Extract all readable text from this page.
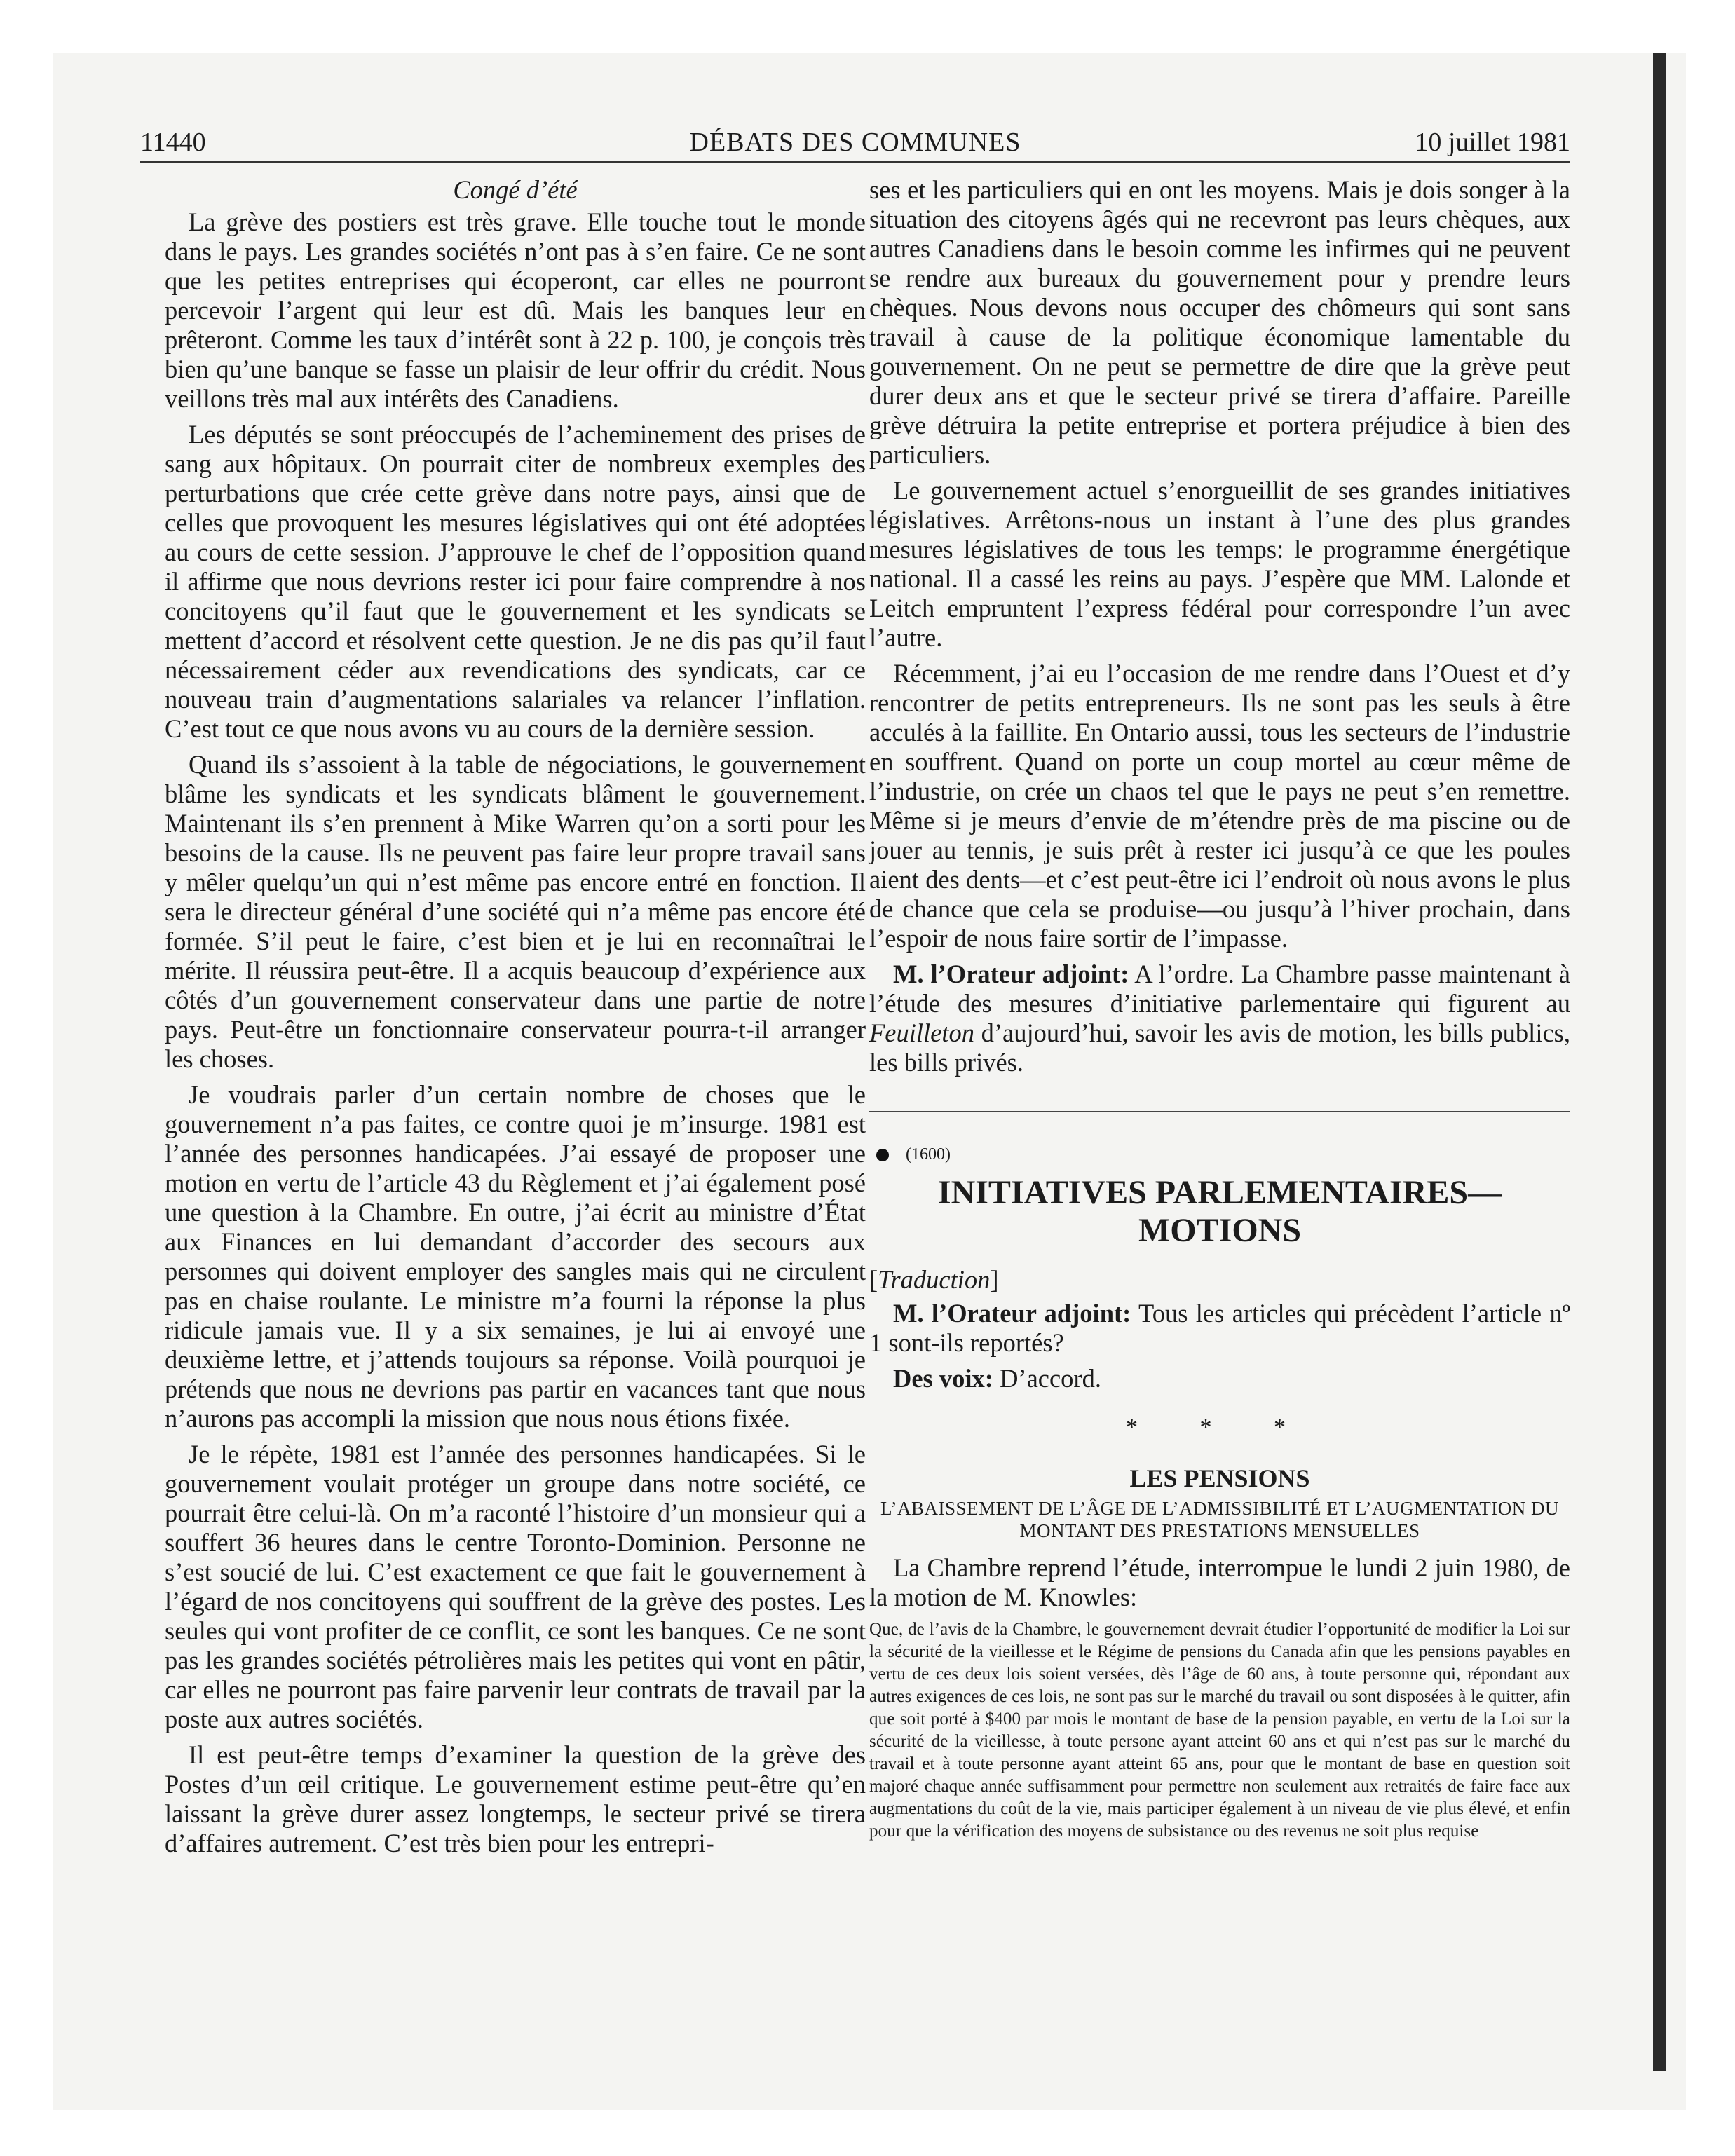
11440	DÉBATS DES COMMUNES	10 juillet 1981

Congé d’été

La grève des postiers est très grave. Elle touche tout le monde dans le pays. Les grandes sociétés n’ont pas à s’en faire. Ce ne sont que les petites entreprises qui écoperont, car elles ne pourront percevoir l’argent qui leur est dû. Mais les banques leur en prêteront. Comme les taux d’intérêt sont à 22 p. 100, je conçois très bien qu’une banque se fasse un plaisir de leur offrir du crédit. Nous veillons très mal aux intérêts des Canadiens.

Les députés se sont préoccupés de l’acheminement des prises de sang aux hôpitaux. On pourrait citer de nombreux exemples des perturbations que crée cette grève dans notre pays, ainsi que de celles que provoquent les mesures législatives qui ont été adoptées au cours de cette session. J’approuve le chef de l’opposition quand il affirme que nous devrions rester ici pour faire comprendre à nos concitoyens qu’il faut que le gouvernement et les syndicats se mettent d’accord et résolvent cette question. Je ne dis pas qu’il faut nécessairement céder aux revendications des syndicats, car ce nouveau train d’augmentations salariales va relancer l’inflation. C’est tout ce que nous avons vu au cours de la dernière session.

Quand ils s’assoient à la table de négociations, le gouvernement blâme les syndicats et les syndicats blâment le gouvernement. Maintenant ils s’en prennent à Mike Warren qu’on a sorti pour les besoins de la cause. Ils ne peuvent pas faire leur propre travail sans y mêler quelqu’un qui n’est même pas encore entré en fonction. Il sera le directeur général d’une société qui n’a même pas encore été formée. S’il peut le faire, c’est bien et je lui en reconnaîtrai le mérite. Il réussira peut-être. Il a acquis beaucoup d’expérience aux côtés d’un gouvernement conservateur dans une partie de notre pays. Peut-être un fonctionnaire conservateur pourra-t-il arranger les choses.

Je voudrais parler d’un certain nombre de choses que le gouvernement n’a pas faites, ce contre quoi je m’insurge. 1981 est l’année des personnes handicapées. J’ai essayé de proposer une motion en vertu de l’article 43 du Règlement et j’ai également posé une question à la Chambre. En outre, j’ai écrit au ministre d’État aux Finances en lui demandant d’accorder des secours aux personnes qui doivent employer des sangles mais qui ne circulent pas en chaise roulante. Le ministre m’a fourni la réponse la plus ridicule jamais vue. Il y a six semaines, je lui ai envoyé une deuxième lettre, et j’attends toujours sa réponse. Voilà pourquoi je prétends que nous ne devrions pas partir en vacances tant que nous n’aurons pas accompli la mission que nous nous étions fixée.

Je le répète, 1981 est l’année des personnes handicapées. Si le gouvernement voulait protéger un groupe dans notre société, ce pourrait être celui-là. On m’a raconté l’histoire d’un monsieur qui a souffert 36 heures dans le centre Toronto-Dominion. Personne ne s’est soucié de lui. C’est exactement ce que fait le gouvernement à l’égard de nos concitoyens qui souffrent de la grève des postes. Les seules qui vont profiter de ce conflit, ce sont les banques. Ce ne sont pas les grandes sociétés pétrolières mais les petites qui vont en pâtir, car elles ne pourront pas faire parvenir leur contrats de travail par la poste aux autres sociétés.

Il est peut-être temps d’examiner la question de la grève des Postes d’un œil critique. Le gouvernement estime peut-être qu’en laissant la grève durer assez longtemps, le secteur privé se tirera d’affaires autrement. C’est très bien pour les entrepri-

ses et les particuliers qui en ont les moyens. Mais je dois songer à la situation des citoyens âgés qui ne recevront pas leurs chèques, aux autres Canadiens dans le besoin comme les infirmes qui ne peuvent se rendre aux bureaux du gouvernement pour y prendre leurs chèques. Nous devons nous occuper des chômeurs qui sont sans travail à cause de la politique économique lamentable du gouvernement. On ne peut se permettre de dire que la grève peut durer deux ans et que le secteur privé se tirera d’affaire. Pareille grève détruira la petite entreprise et portera préjudice à bien des particuliers.

Le gouvernement actuel s’enorgueillit de ses grandes initiatives législatives. Arrêtons-nous un instant à l’une des plus grandes mesures législatives de tous les temps: le programme énergétique national. Il a cassé les reins au pays. J’espère que MM. Lalonde et Leitch empruntent l’express fédéral pour correspondre l’un avec l’autre.

Récemment, j’ai eu l’occasion de me rendre dans l’Ouest et d’y rencontrer de petits entrepreneurs. Ils ne sont pas les seuls à être acculés à la faillite. En Ontario aussi, tous les secteurs de l’industrie en souffrent. Quand on porte un coup mortel au cœur même de l’industrie, on crée un chaos tel que le pays ne peut s’en remettre. Même si je meurs d’envie de m’étendre près de ma piscine ou de jouer au tennis, je suis prêt à rester ici jusqu’à ce que les poules aient des dents—et c’est peut-être ici l’endroit où nous avons le plus de chance que cela se produise—ou jusqu’à l’hiver prochain, dans l’espoir de nous faire sortir de l’impasse.

M. l’Orateur adjoint: A l’ordre. La Chambre passe maintenant à l’étude des mesures d’initiative parlementaire qui figurent au Feuilleton d’aujourd’hui, savoir les avis de motion, les bills publics, les bills privés.

(1600)
INITIATIVES PARLEMENTAIRES—
MOTIONS

[Traduction]

M. l’Orateur adjoint: Tous les articles qui précèdent l’article nº 1 sont-ils reportés?

Des voix: D’accord.

* * *
LES PENSIONS
L’ABAISSEMENT DE L’ÂGE DE L’ADMISSIBILITÉ ET L’AUGMENTATION DU MONTANT DES PRESTATIONS MENSUELLES

La Chambre reprend l’étude, interrompue le lundi 2 juin 1980, de la motion de M. Knowles:

Que, de l’avis de la Chambre, le gouvernement devrait étudier l’opportunité de modifier la Loi sur la sécurité de la vieillesse et le Régime de pensions du Canada afin que les pensions payables en vertu de ces deux lois soient versées, dès l’âge de 60 ans, à toute personne qui, répondant aux autres exigences de ces lois, ne sont pas sur le marché du travail ou sont disposées à le quitter, afin que soit porté à $400 par mois le montant de base de la pension payable, en vertu de la Loi sur la sécurité de la vieillesse, à toute persone ayant atteint 60 ans et qui n’est pas sur le marché du travail et à toute personne ayant atteint 65 ans, pour que le montant de base en question soit majoré chaque année suffisamment pour permettre non seulement aux retraités de faire face aux augmentations du coût de la vie, mais participer également à un niveau de vie plus élevé, et enfin pour que la vérification des moyens de subsistance ou des revenus ne soit plus requise
